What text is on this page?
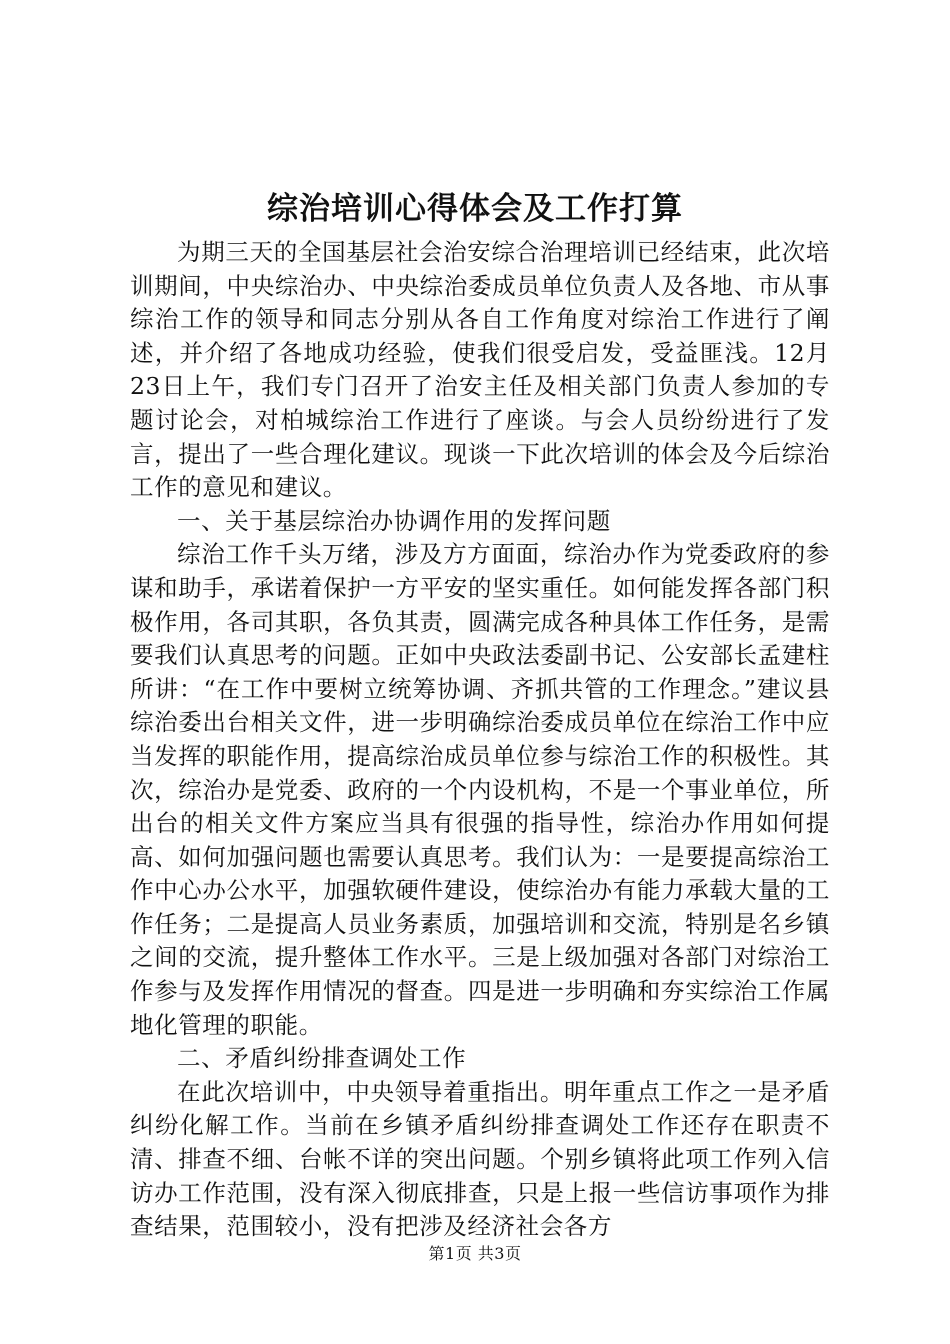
综治培训心得体会及工作打算

为期三天的全国基层社会治安综合治理培训已经结束，此次培训期间，中央综治办、中央综治委成员单位负责人及各地、市从事综治工作的领导和同志分别从各自工作角度对综治工作进行了阐述，并介绍了各地成功经验，使我们很受启发，受益匪浅。12月23日上午，我们专门召开了治安主任及相关部门负责人参加的专题讨论会，对柏城综治工作进行了座谈。与会人员纷纷进行了发言，提出了一些合理化建议。现谈一下此次培训的体会及今后综治工作的意见和建议。

一、关于基层综治办协调作用的发挥问题

综治工作千头万绪，涉及方方面面，综治办作为党委政府的参谋和助手，承诺着保护一方平安的坚实重任。如何能发挥各部门积极作用，各司其职，各负其责，圆满完成各种具体工作任务，是需要我们认真思考的问题。正如中央政法委副书记、公安部长孟建柱所讲：“在工作中要树立统筹协调、齐抓共管的工作理念。”建议县综治委出台相关文件，进一步明确综治委成员单位在综治工作中应当发挥的职能作用，提高综治成员单位参与综治工作的积极性。其次，综治办是党委、政府的一个内设机构，不是一个事业单位，所出台的相关文件方案应当具有很强的指导性，综治办作用如何提高、如何加强问题也需要认真思考。我们认为：一是要提高综治工作中心办公水平，加强软硬件建设，使综治办有能力承载大量的工作任务；二是提高人员业务素质，加强培训和交流，特别是名乡镇之间的交流，提升整体工作水平。三是上级加强对各部门对综治工作参与及发挥作用情况的督查。四是进一步明确和夯实综治工作属地化管理的职能。

二、矛盾纠纷排查调处工作

在此次培训中，中央领导着重指出。明年重点工作之一是矛盾纠纷化解工作。当前在乡镇矛盾纠纷排查调处工作还存在职责不清、排查不细、台帐不详的突出问题。个别乡镇将此项工作列入信访办工作范围，没有深入彻底排查，只是上报一些信访事项作为排查结果，范围较小，没有把涉及经济社会各方

第1页 共3页
